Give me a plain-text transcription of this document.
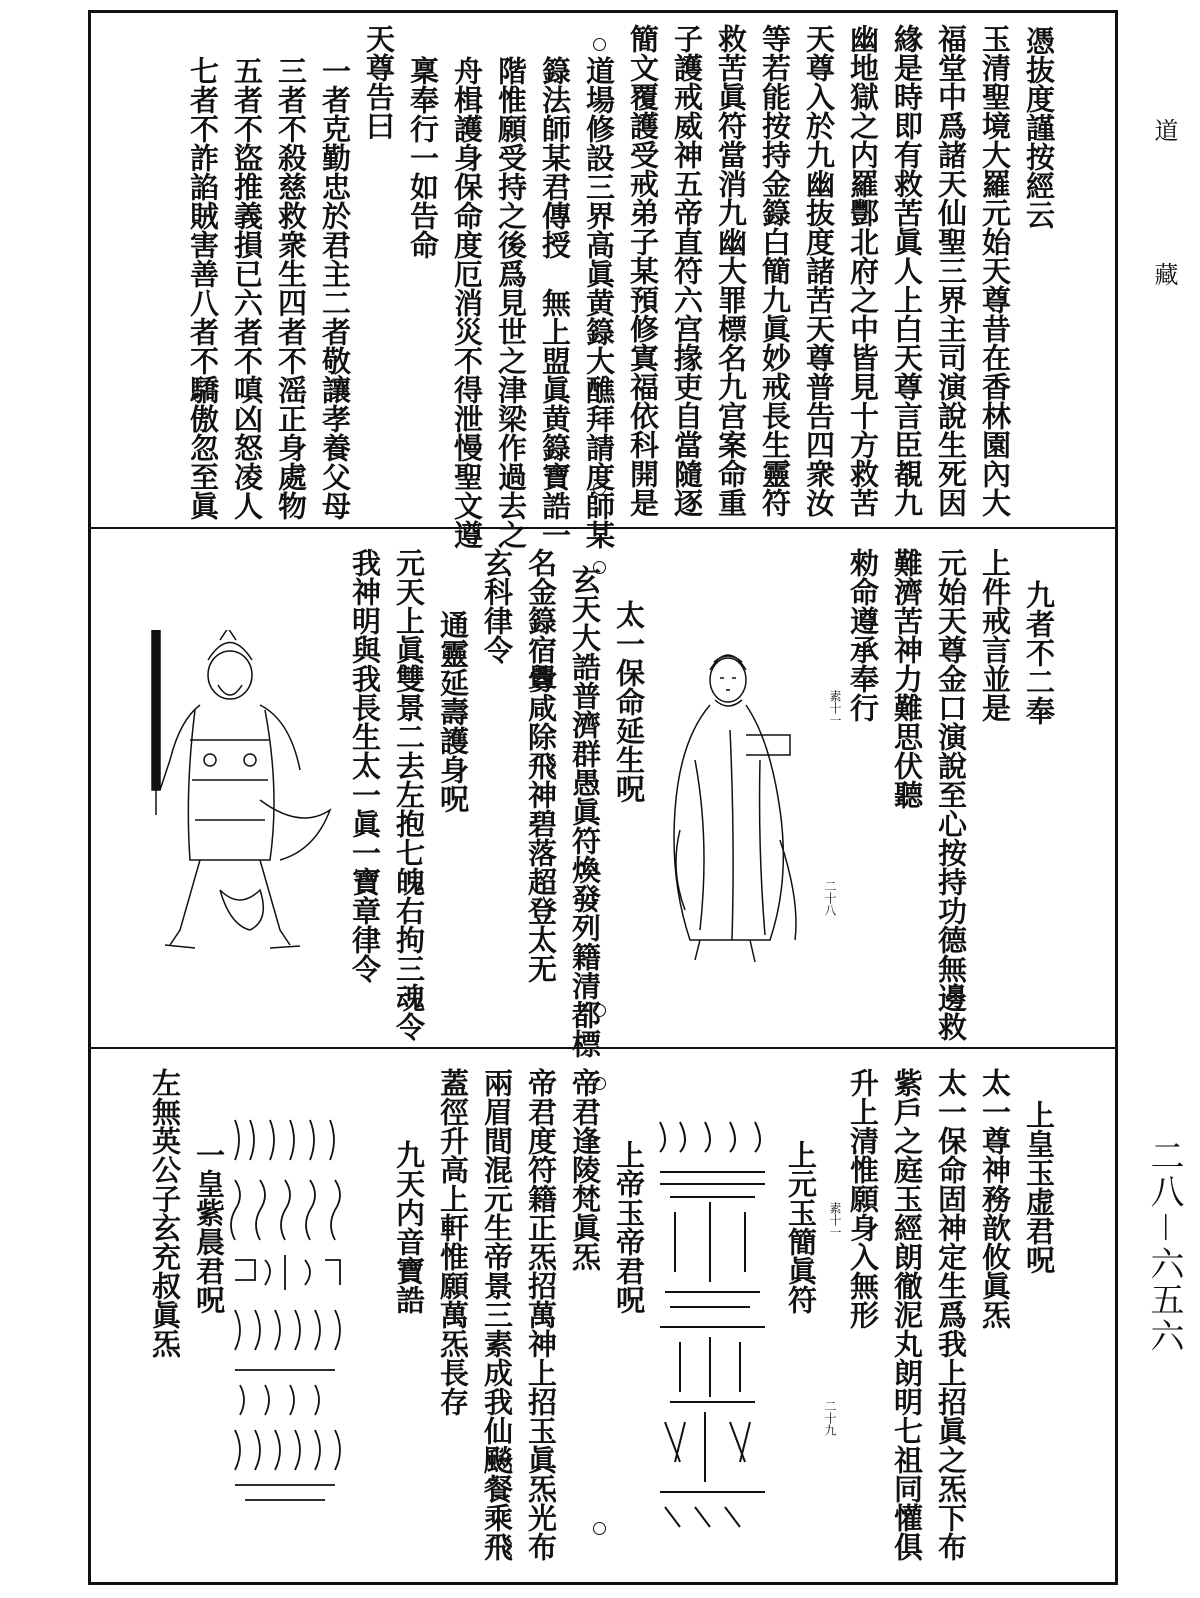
道
藏
二八－六五六
憑抜度謹按經云
玉清聖境大羅元始天尊昔在香林園內大
福堂中爲諸天仙聖三界主司演說生死因
緣是時即有救苦眞人上白天尊言臣覩九
幽地獄之内羅酆北府之中皆見十方救苦
天尊入於九幽抜度諸苦天尊普告四衆汝
等若能按持金籙白簡九眞妙戒長生靈符
救苦眞符當消九幽大罪標名九宫案命重
子護戒威神五帝直符六宫掾吏自當隨逐
簡文覆護受戒弟子某預修寘福依科開是
道場修設三界高眞黄籙大醮拜請度師某
籙法師某君傳授　無上盟眞黄籙寶誥一
階惟願受持之後爲見世之津梁作過去之
舟楫護身保命度厄消災不得泄慢聖文遵
稟奉行一如告命
天尊告曰
一者克勤忠於君主二者敬讓孝養父母
三者不殺慈救衆生四者不滛正身處物
五者不盜推義損已六者不嗔凶怒凌人
七者不詐諂賊害善八者不驕傲忽至眞
九者不二奉
上件戒言並是
元始天尊金口演說至心按持功德無邊救
難濟苦神力難思伏聽
勑命遵承奉行
素十一
二十八
太一保命延生呪
玄天大誥普濟群愚眞符煥發列籍清都標
名金籙宿釁咸除飛神碧落超登太无
玄科律令
通靈延壽護身呪
元天上眞雙景二去左抱七魄右拘三魂令
我神明與我長生太一眞一寶章律令
上皇玉虚君呪
太一尊神務歆攸眞炁
太一保命固神定生爲我上招眞之炁下布
紫戶之庭玉經朗徹泥丸朗明七祖同懽俱
升上清惟願身入無形
素十一
上元玉簡眞符
二十九
上帝玉帝君呪
帝君逢陵梵眞炁
帝君度符籍正炁招萬神上招玉眞炁光布
兩眉間混元生帝景三素成我仙飈餐乘飛
蓋徑升高上軒惟願萬炁長存
九天内音寶誥
一皇紫晨君呪
左無英公子玄充叔眞炁
